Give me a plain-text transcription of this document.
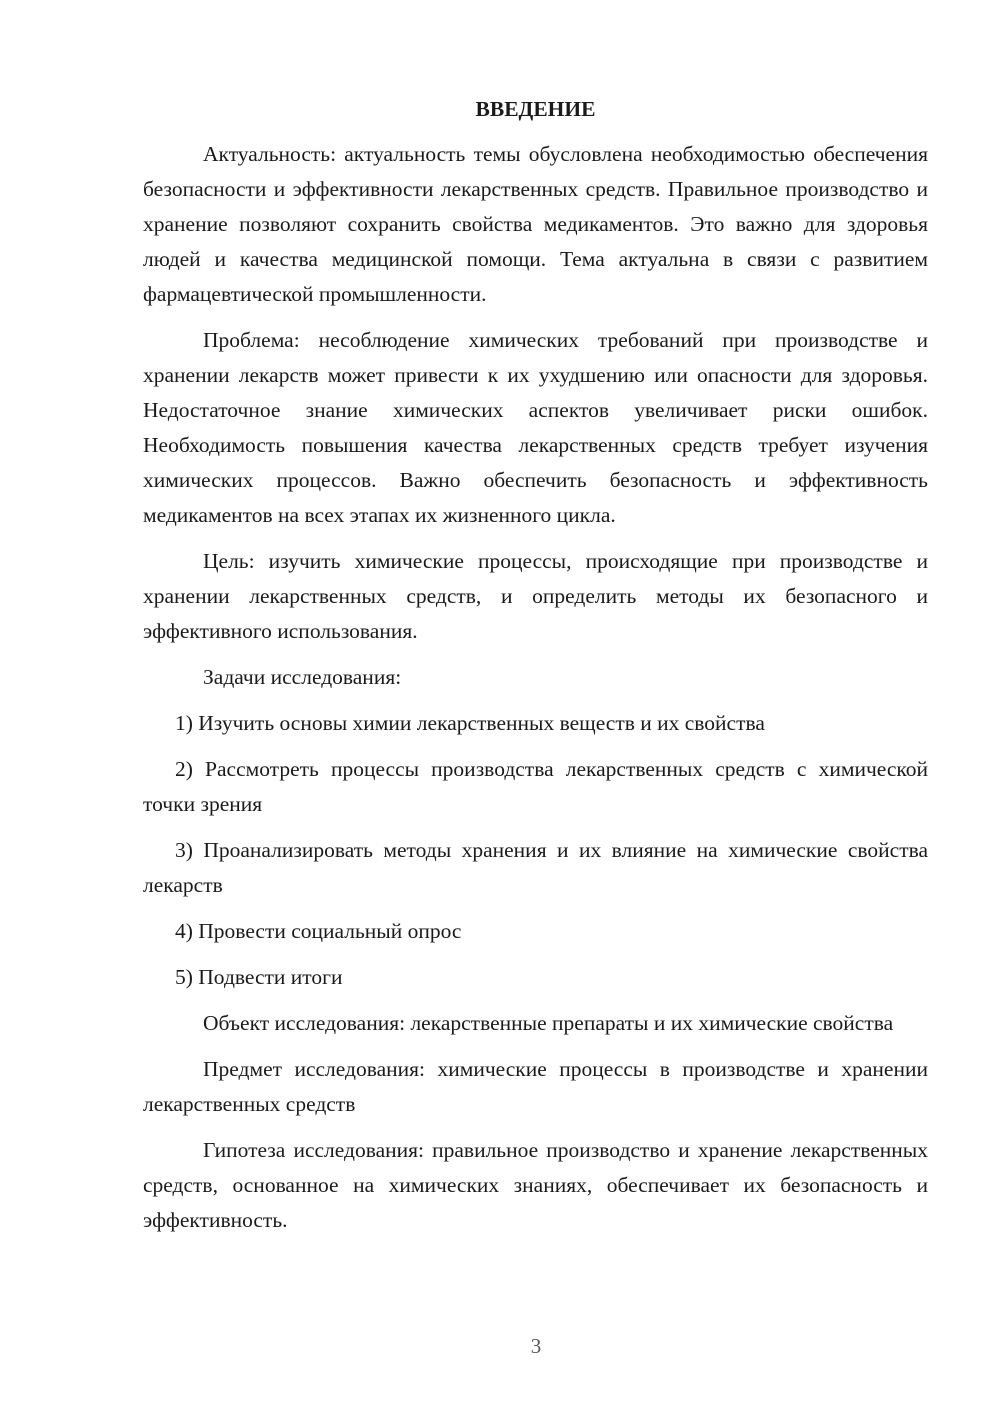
ВВЕДЕНИЕ

Актуальность: актуальность темы обусловлена необходимостью обеспечения безопасности и эффективности лекарственных средств. Правильное производство и хранение позволяют сохранить свойства медикаментов. Это важно для здоровья людей и качества медицинской помощи. Тема актуальна в связи с развитием фармацевтической промышленности.

Проблема: несоблюдение химических требований при производстве и хранении лекарств может привести к их ухудшению или опасности для здоровья. Недостаточное знание химических аспектов увеличивает риски ошибок. Необходимость повышения качества лекарственных средств требует изучения химических процессов. Важно обеспечить безопасность и эффективность медикаментов на всех этапах их жизненного цикла.

Цель: изучить химические процессы, происходящие при производстве и хранении лекарственных средств, и определить методы их безопасного и эффективного использования.

Задачи исследования:

1) Изучить основы химии лекарственных веществ и их свойства

2) Рассмотреть процессы производства лекарственных средств с химической точки зрения

3) Проанализировать методы хранения и их влияние на химические свойства лекарств

4) Провести социальный опрос

5) Подвести итоги

Объект исследования: лекарственные препараты и их химические свойства

Предмет исследования: химические процессы в производстве и хранении лекарственных средств

Гипотеза исследования: правильное производство и хранение лекарственных средств, основанное на химических знаниях, обеспечивает их безопасность и эффективность.

3
